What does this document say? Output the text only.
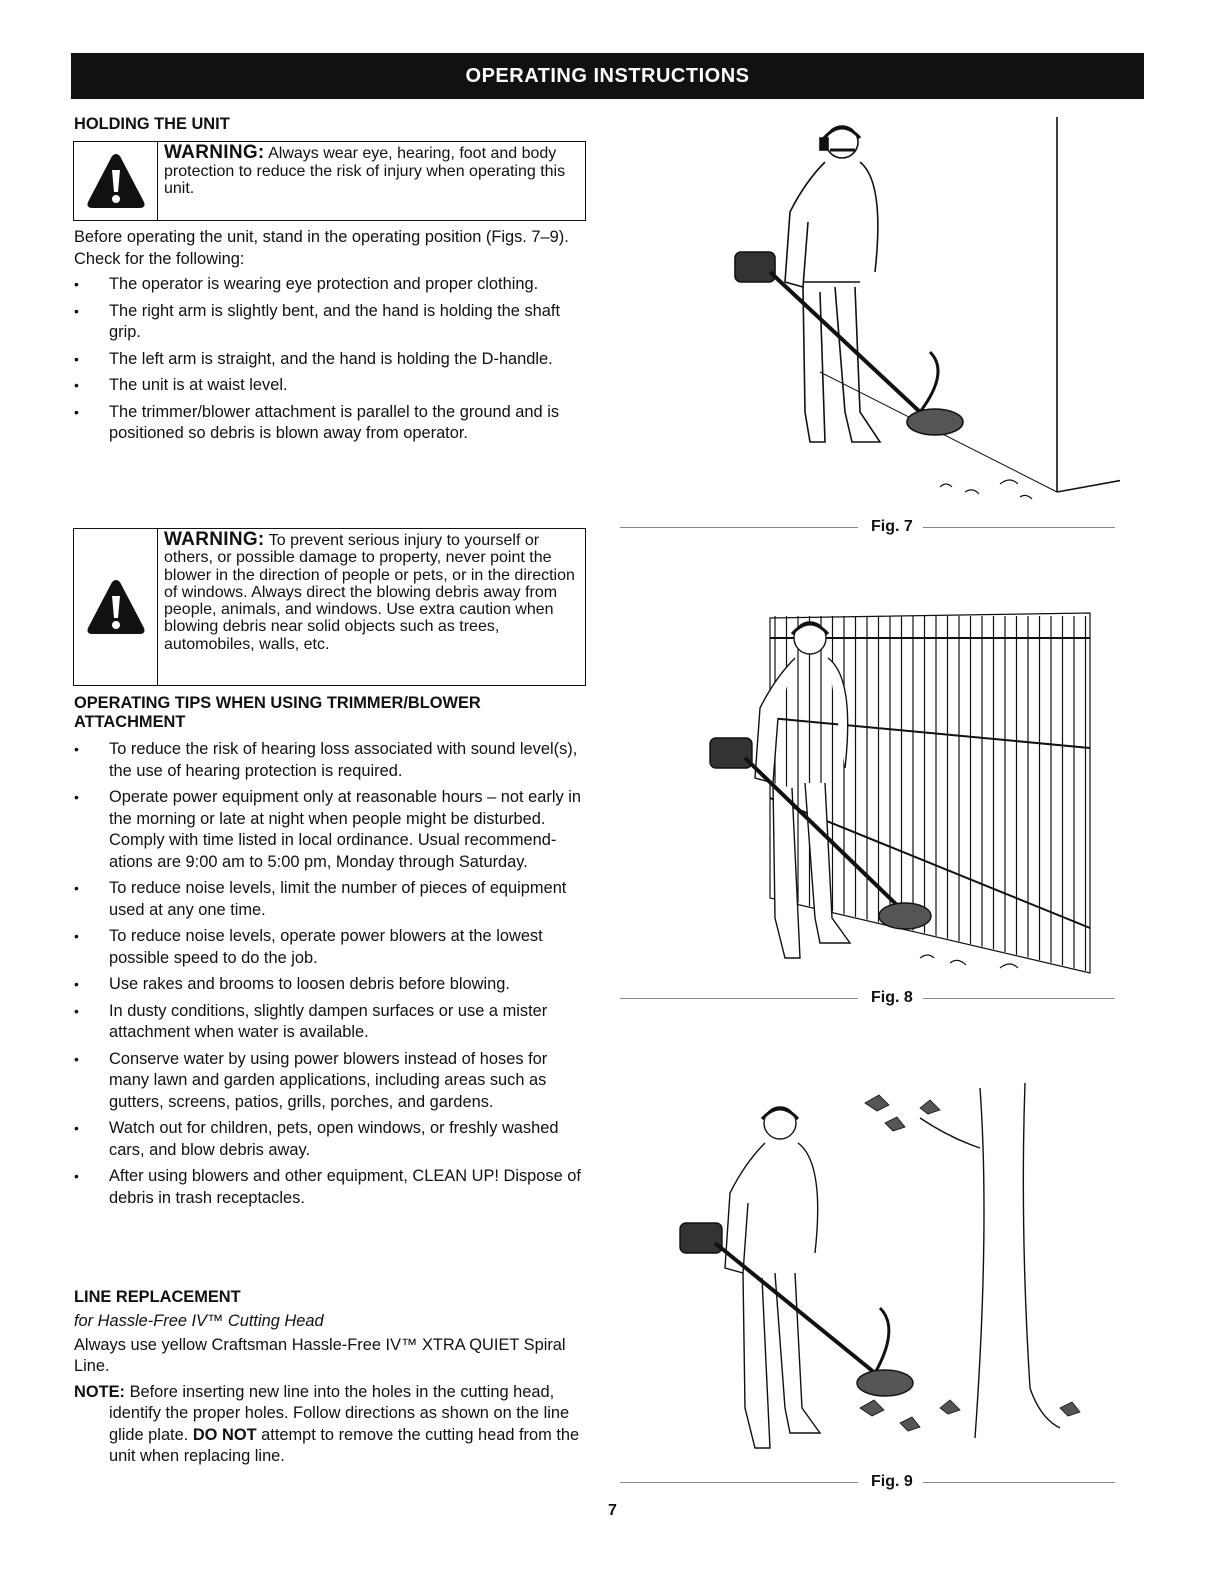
OPERATING INSTRUCTIONS
HOLDING THE UNIT
WARNING: Always wear eye, hearing, foot and body protection to reduce the risk of injury when operating this unit.

Before operating the unit, stand in the operating position (Figs. 7–9). Check for the following:

• The operator is wearing eye protection and proper clothing.
• The right arm is slightly bent, and the hand is holding the shaft grip.
• The left arm is straight, and the hand is holding the D-handle.
• The unit is at waist level.
• The trimmer/blower attachment is parallel to the ground and is positioned so debris is blown away from operator.
WARNING: To prevent serious injury to yourself or others, or possible damage to property, never point the blower in the direction of people or pets, or in the direction of windows. Always direct the blowing debris away from people, animals, and windows. Use extra caution when blowing debris near solid objects such as trees, automobiles, walls, etc.
OPERATING TIPS WHEN USING TRIMMER/BLOWER ATTACHMENT
• To reduce the risk of hearing loss associated with sound level(s), the use of hearing protection is required.
• Operate power equipment only at reasonable hours – not early in the morning or late at night when people might be disturbed. Comply with time listed in local ordinance. Usual recommend-ations are 9:00 am to 5:00 pm, Monday through Saturday.
• To reduce noise levels, limit the number of pieces of equipment used at any one time.
• To reduce noise levels, operate power blowers at the lowest possible speed to do the job.
• Use rakes and brooms to loosen debris before blowing.
• In dusty conditions, slightly dampen surfaces or use a mister attachment when water is available.
• Conserve water by using power blowers instead of hoses for many lawn and garden applications, including areas such as gutters, screens, patios, grills, porches, and gardens.
• Watch out for children, pets, open windows, or freshly washed cars, and blow debris away.
• After using blowers and other equipment, CLEAN UP! Dispose of debris in trash receptacles.
LINE REPLACEMENT

for Hassle-Free IV™ Cutting Head

Always use yellow Craftsman Hassle-Free IV™ XTRA QUIET Spiral Line.

NOTE: Before inserting new line into the holes in the cutting head, identify the proper holes. Follow directions as shown on the line glide plate. DO NOT attempt to remove the cutting head from the unit when replacing line.

Fig. 7
Fig. 8
Fig. 9
7
